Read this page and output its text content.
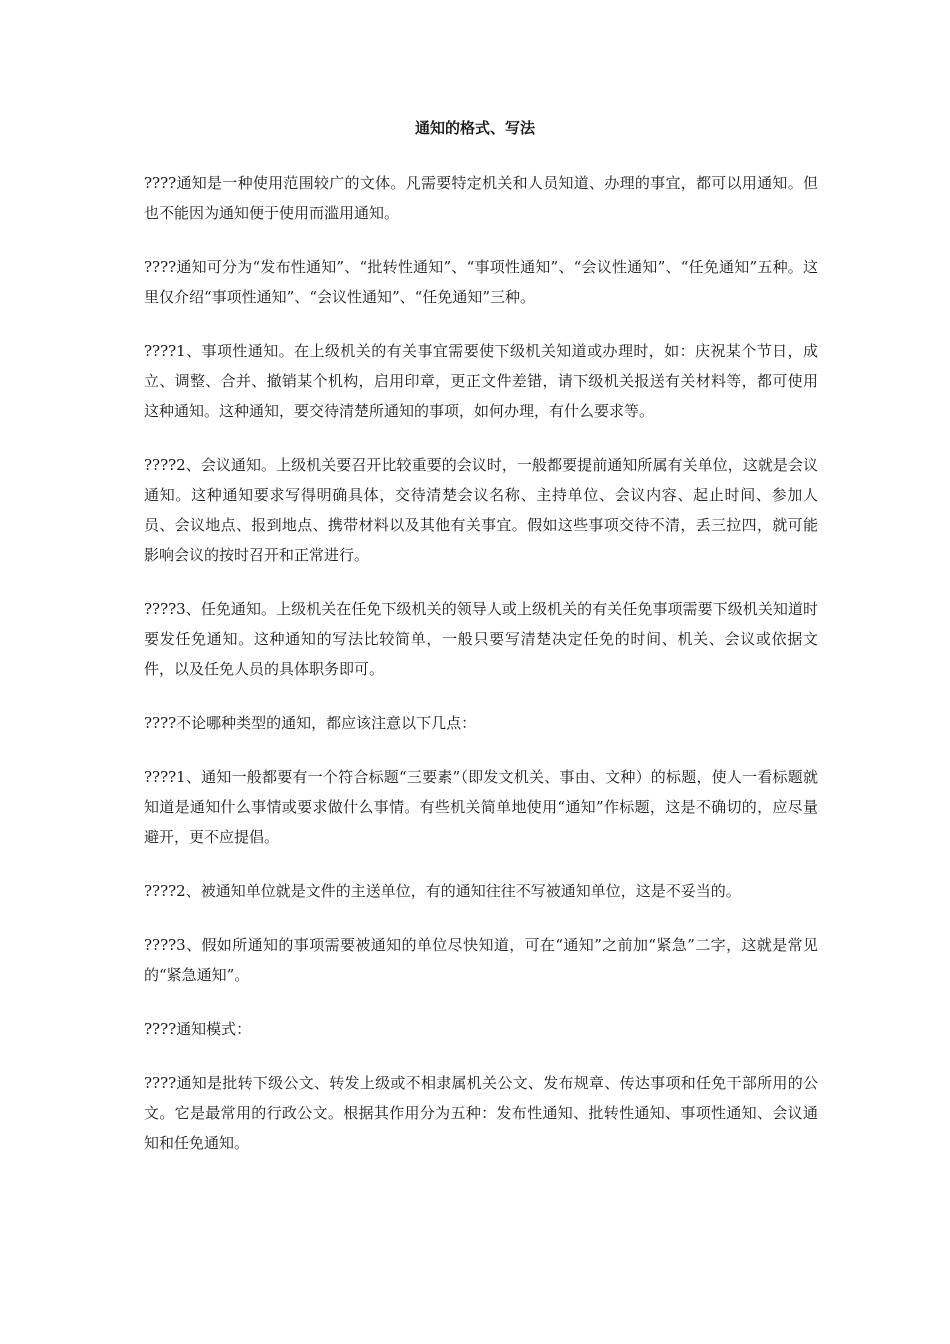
通知的格式、写法

????通知是一种使用范围较广的文体。凡需要特定机关和人员知道、办理的事宜，都可以用通知。但也不能因为通知便于使用而滥用通知。

????通知可分为“发布性通知”、“批转性通知”、“事项性通知”、“会议性通知”、“任免通知”五种。这里仅介绍“事项性通知”、“会议性通知”、“任免通知”三种。

????1、事项性通知。在上级机关的有关事宜需要使下级机关知道或办理时，如：庆祝某个节日，成立、调整、合并、撤销某个机构，启用印章，更正文件差错，请下级机关报送有关材料等，都可使用这种通知。这种通知，要交待清楚所通知的事项，如何办理，有什么要求等。

????2、会议通知。上级机关要召开比较重要的会议时，一般都要提前通知所属有关单位，这就是会议通知。这种通知要求写得明确具体，交待清楚会议名称、主持单位、会议内容、起止时间、参加人员、会议地点、报到地点、携带材料以及其他有关事宜。假如这些事项交待不清，丢三拉四，就可能影响会议的按时召开和正常进行。

????3、任免通知。上级机关在任免下级机关的领导人或上级机关的有关任免事项需要下级机关知道时要发任免通知。这种通知的写法比较简单，一般只要写清楚决定任免的时间、机关、会议或依据文件，以及任免人员的具体职务即可。

????不论哪种类型的通知，都应该注意以下几点：

????1、通知一般都要有一个符合标题“三要素”（即发文机关、事由、文种）的标题，使人一看标题就知道是通知什么事情或要求做什么事情。有些机关简单地使用“通知”作标题，这是不确切的，应尽量避开，更不应提倡。

????2、被通知单位就是文件的主送单位，有的通知往往不写被通知单位，这是不妥当的。

????3、假如所通知的事项需要被通知的单位尽快知道，可在“通知”之前加“紧急”二字，这就是常见的“紧急通知”。

????通知模式：

????通知是批转下级公文、转发上级或不相隶属机关公文、发布规章、传达事项和任免干部所用的公文。它是最常用的行政公文。根据其作用分为五种：发布性通知、批转性通知、事项性通知、会议通知和任免通知。
